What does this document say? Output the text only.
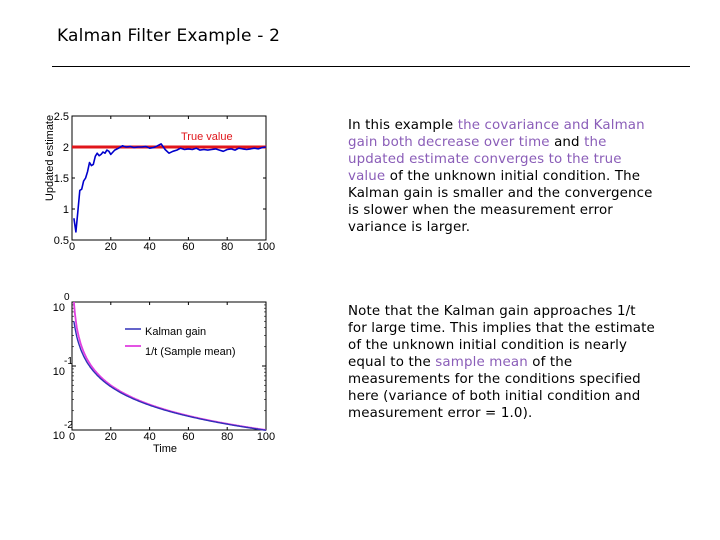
Kalman Filter Example - 2
0.5
1
1.5
2
2.5
0	20 40 60 80 100
True value
Updated estimate
10
0
10
-1
10
-2
0	20 40 60 80 100
Kalman gain
1/t (Sample mean)
Time
In this example the covariance and Kalman gain both decrease over time and the updated estimate converges to the true value of the unknown initial condition. The Kalman gain is smaller and the convergence is slower when the measurement error variance is larger.
Note that the Kalman gain approaches 1/t for large time. This implies that the estimate of the unknown initial condition is nearly equal to the sample mean of the measurements for the conditions specified here (variance of both initial condition and measurement error = 1.0).
